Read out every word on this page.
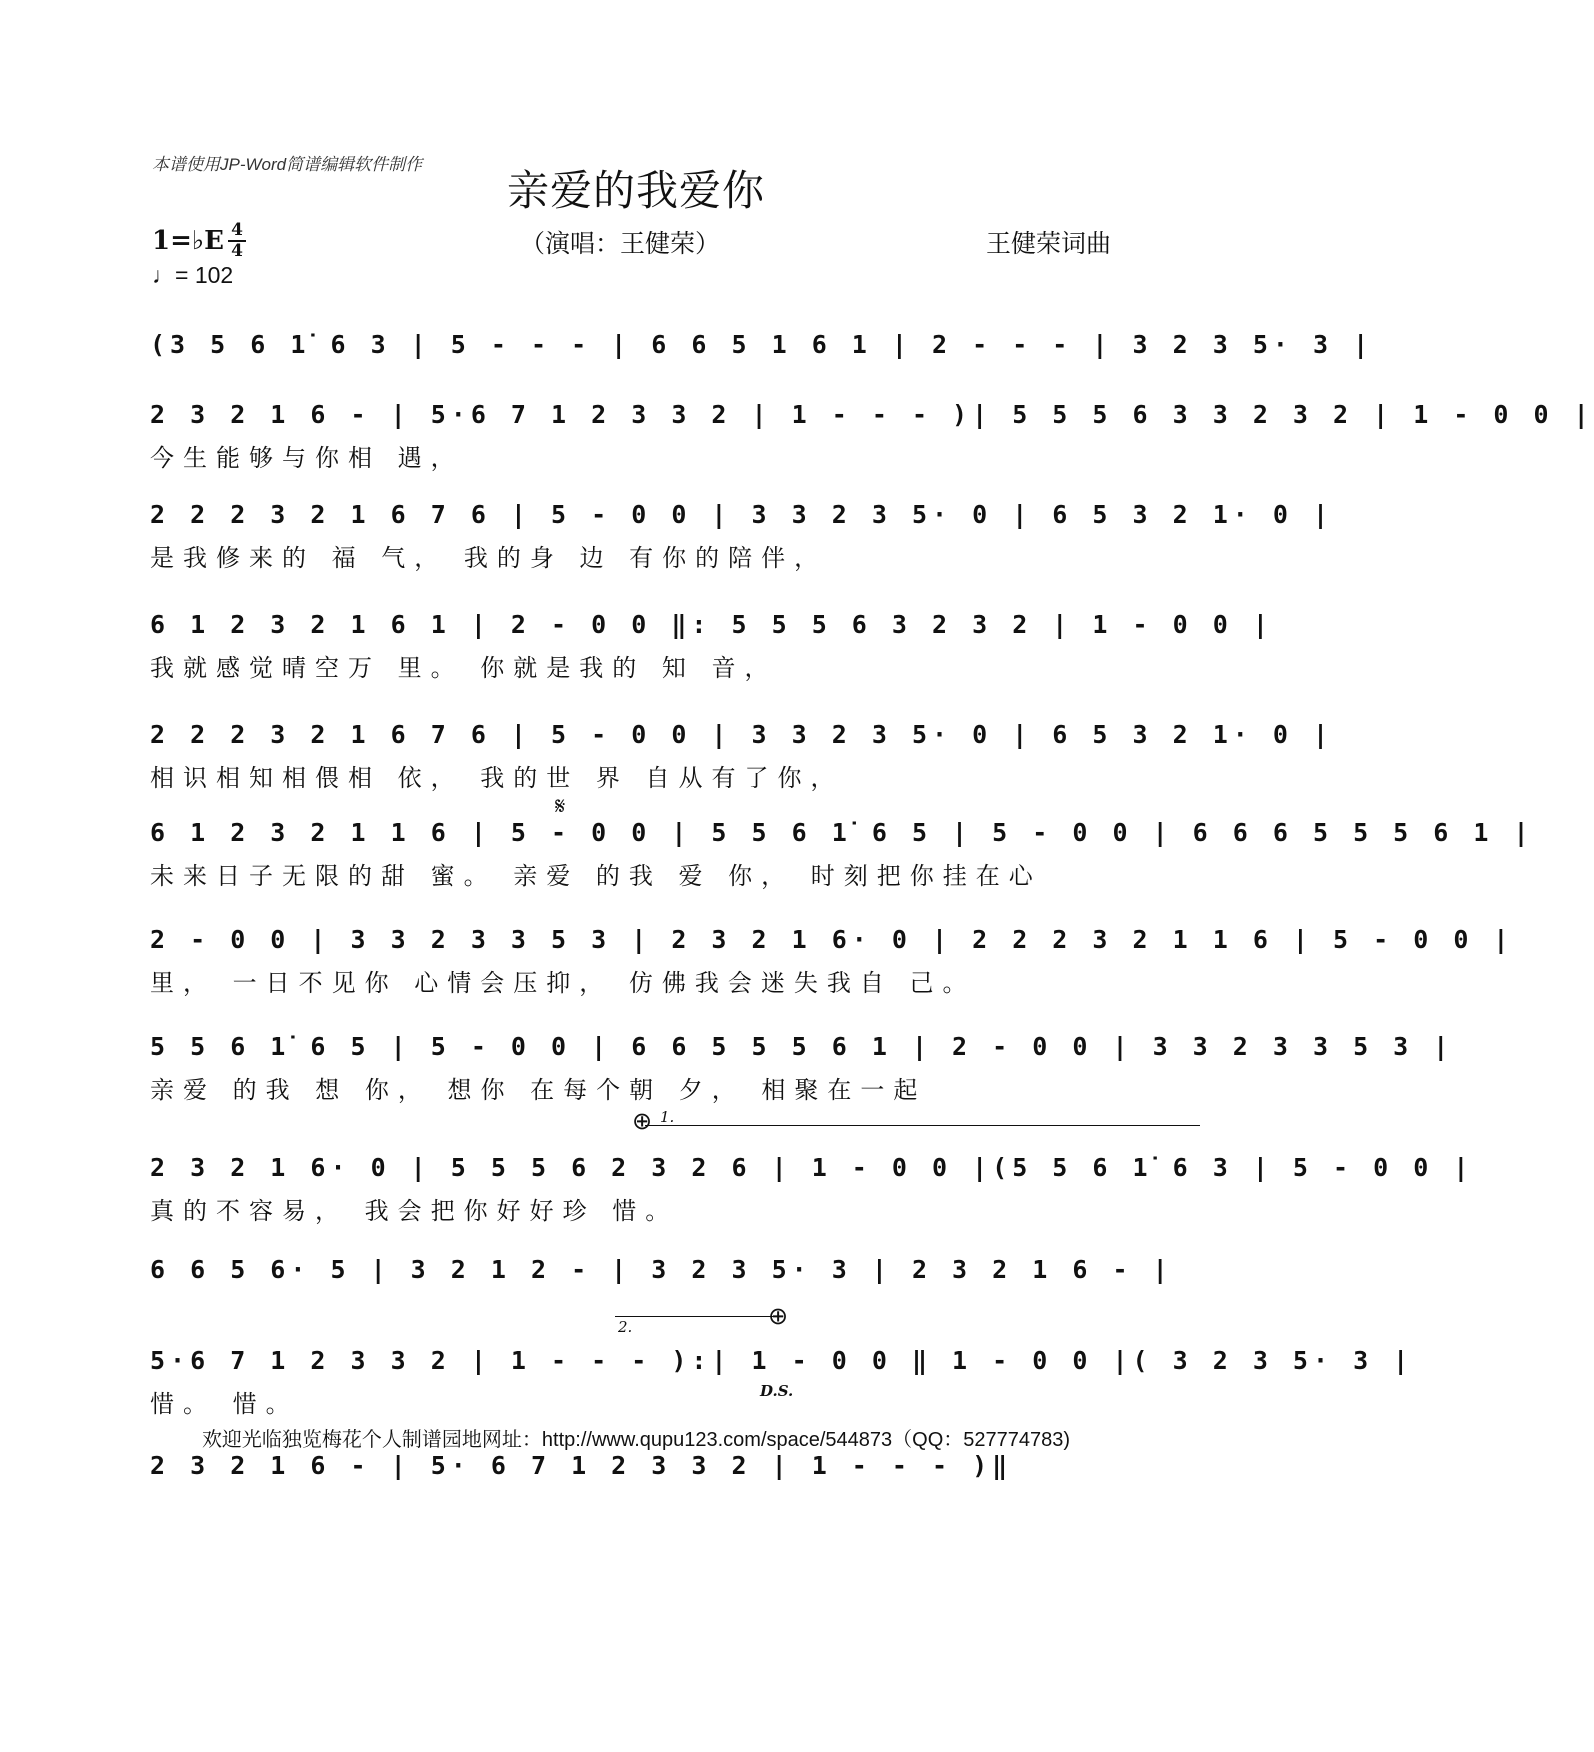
本谱使用JP-Word简谱编辑软件制作
亲爱的我爱你
1=♭E 4
4
♩= 102
（演唱：王健荣）	王健荣词曲
(3 5 6 1̇ 6 3 | 5 - - - | 6 6 5 1 6 1 | 2 - - - | 3 2 3 5· 3 |
2 3 2 1 6 - | 5·6 7 1 2 3 3 2 | 1 - - - )| 5 5 5 6 3 3 2 3 2 | 1 - 0 0 |
今生能够与你相 遇，
2 2 2 3 2 1 6 7 6 | 5 - 0 0 | 3 3 2 3 5· 0 | 6 5 3 2 1· 0 |
是我修来的 福 气， 我的身 边 有你的陪伴，
6 1 2 3 2 1 6 1 | 2 - 0 0 ‖: 5 5 5 6 3 2 3 2 | 1 - 0 0 |
我就感觉晴空万 里。 你就是我的 知 音，
2 2 2 3 2 1 6 7 6 | 5 - 0 0 | 3 3 2 3 5· 0 | 6 5 3 2 1· 0 |
相识相知相偎相 依， 我的世 界 自从有了你，
6 1 2 3 2 1 1 6 | 5 - 0 0 | 5 5 6 1̇ 6 5 | 5 - 0 0 | 6 6 6 5 5 5 6 1 |
未来日子无限的甜 蜜。 亲爱 的我 爱 你， 时刻把你挂在心
2 - 0 0 | 3 3 2 3 3 5 3 | 2 3 2 1 6· 0 | 2 2 2 3 2 1 1 6 | 5 - 0 0 |
里， 一日不见你 心情会压抑， 仿佛我会迷失我自 己。
5 5 6 1̇ 6 5 | 5 - 0 0 | 6 6 5 5 5 6 1 | 2 - 0 0 | 3 3 2 3 3 5 3 |
亲爱 的我 想 你， 想你 在每个朝 夕， 相聚在一起
2 3 2 1 6· 0 | 5 5 5 6 2 3 2 6 | 1 - 0 0 |(5 5 6 1̇ 6 3 | 5 - 0 0 |
真的不容易， 我会把你好好珍 惜。
6 6 5 6· 5 | 3 2 1 2 - | 3 2 3 5· 3 | 2 3 2 1 6 - |
5·6 7 1 2 3 3 2 | 1 - - - ):| 1 - 0 0 ‖ 1 - 0 0 |( 3 2 3 5· 3 |
惜。 惜。
2 3 2 1 6 - | 5· 6 7 1 2 3 3 2 | 1 - - - )‖
𝄋
⊕ 1.
2.	⊕
D.S.
欢迎光临独览梅花个人制谱园地网址：http://www.qupu123.com/space/544873（QQ：527774783)
